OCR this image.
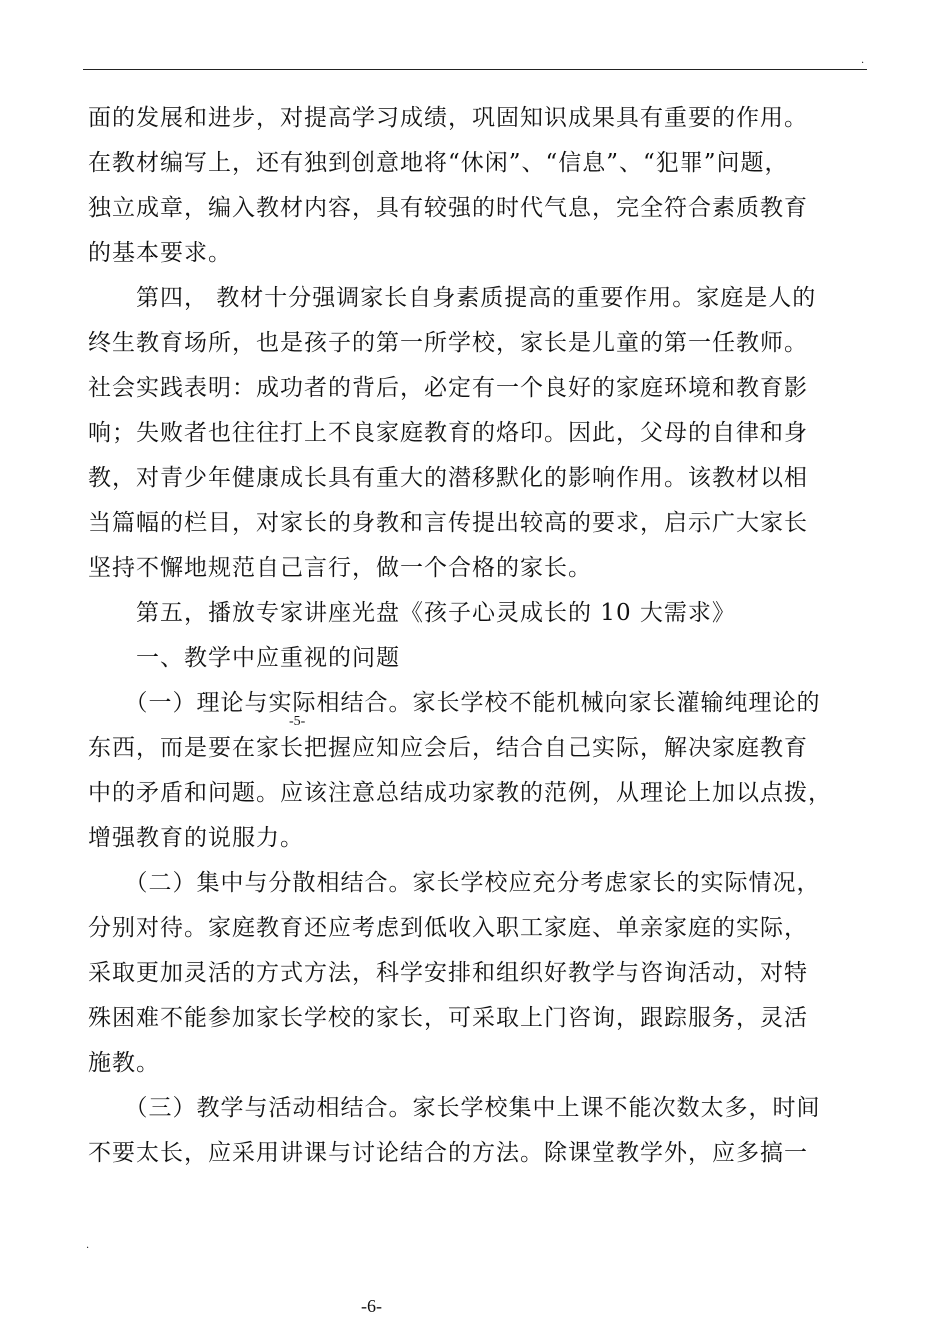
.
面的发展和进步，对提高学习成绩，巩固知识成果具有重要的作用。
在教材编写上，还有独到创意地将“休闲”、“信息”、“犯罪”问题，
独立成章，编入教材内容，具有较强的时代气息，完全符合素质教育
的基本要求。
　　第四， 教材十分强调家长自身素质提高的重要作用。家庭是人的
终生教育场所，也是孩子的第一所学校，家长是儿童的第一任教师。
社会实践表明：成功者的背后，必定有一个良好的家庭环境和教育影
响；失败者也往往打上不良家庭教育的烙印。因此，父母的自律和身
教，对青少年健康成长具有重大的潜移默化的影响作用。该教材以相
当篇幅的栏目，对家长的身教和言传提出较高的要求，启示广大家长
坚持不懈地规范自己言行，做一个合格的家长。
　　第五，播放专家讲座光盘《孩子心灵成长的 10 大需求》
　　一、教学中应重视的问题
　　（一）理论与实际相结合。家长学校不能机械向家长灌输纯理论的
东西，而是要在家长把握应知应会后，结合自己实际，解决家庭教育
中的矛盾和问题。应该注意总结成功家教的范例，从理论上加以点拨，
增强教育的说服力。
　　（二）集中与分散相结合。家长学校应充分考虑家长的实际情况，
分别对待。家庭教育还应考虑到低收入职工家庭、单亲家庭的实际，
采取更加灵活的方式方法，科学安排和组织好教学与咨询活动，对特
殊困难不能参加家长学校的家长，可采取上门咨询，跟踪服务，灵活
施教。
　　（三）教学与活动相结合。家长学校集中上课不能次数太多，时间
不要太长，应采用讲课与讨论结合的方法。除课堂教学外，应多搞一
-5-
.
-6-
